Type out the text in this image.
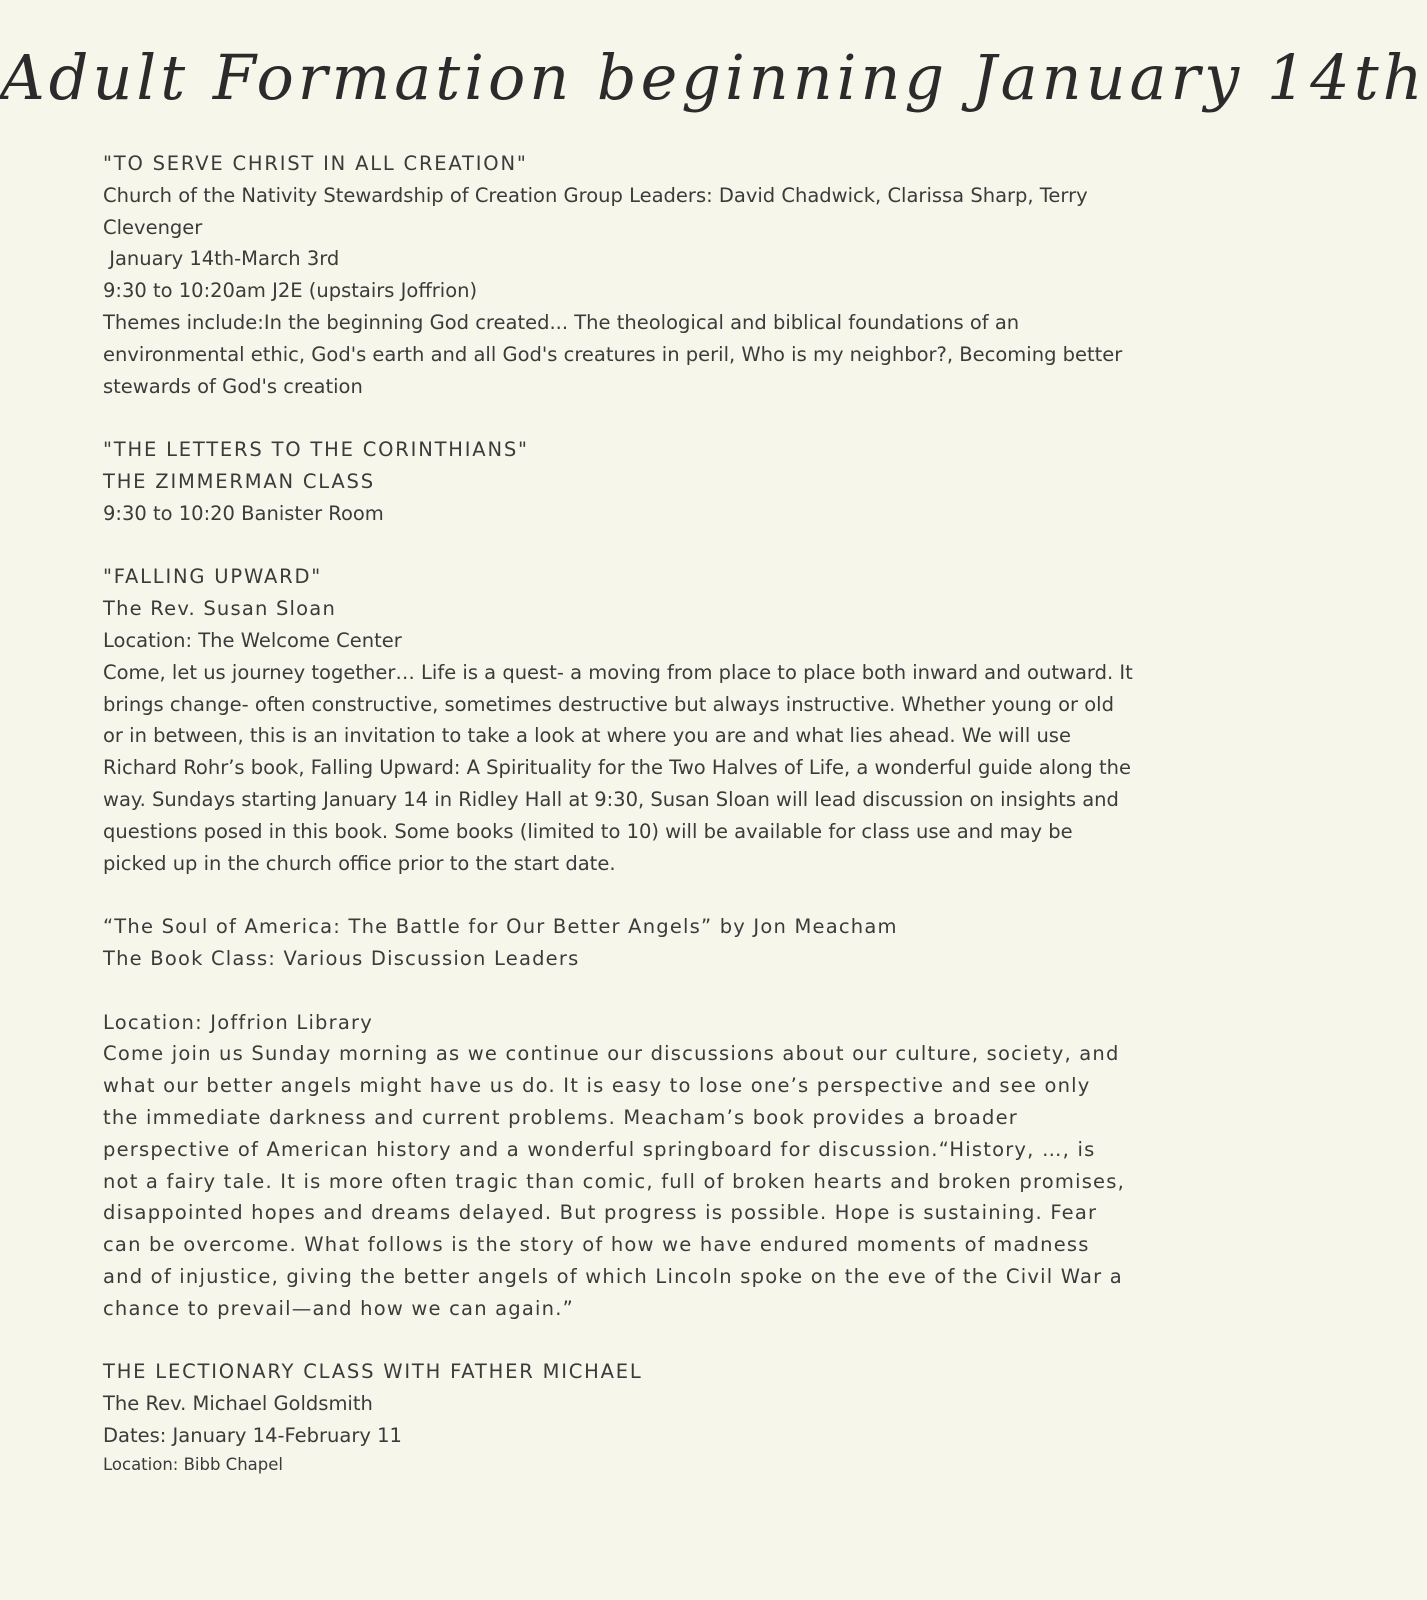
Adult Formation beginning January 14th
"TO SERVE CHRIST IN ALL CREATION"
Church of the Nativity Stewardship of Creation Group Leaders: David Chadwick, Clarissa Sharp, Terry Clevenger
January 14th-March 3rd
9:30 to 10:20am J2E (upstairs Joffrion)
Themes include:In the beginning God created... The theological and biblical foundations of an environmental ethic, God's earth and all God's creatures in peril, Who is my neighbor?, Becoming better stewards of God's creation
"THE LETTERS TO THE CORINTHIANS"
THE ZIMMERMAN CLASS
9:30 to 10:20 Banister Room
"FALLING UPWARD"
The Rev. Susan Sloan
Location: The Welcome Center
Come, let us journey together… Life is a quest- a moving from place to place both inward and outward. It brings change- often constructive, sometimes destructive but always instructive. Whether young or old or in between, this is an invitation to take a look at where you are and what lies ahead. We will use Richard Rohr’s book, Falling Upward: A Spirituality for the Two Halves of Life, a wonderful guide along the way. Sundays starting January 14 in Ridley Hall at 9:30, Susan Sloan will lead discussion on insights and questions posed in this book. Some books (limited to 10) will be available for class use and may be picked up in the church office prior to the start date.
“The Soul of America: The Battle for Our Better Angels” by Jon Meacham
The Book Class: Various Discussion Leaders
Location: Joffrion Library
Come join us Sunday morning as we continue our discussions about our culture, society, and what our better angels might have us do. It is easy to lose one’s perspective and see only the immediate darkness and current problems. Meacham’s book provides a broader perspective of American history and a wonderful springboard for discussion.“History, …, is not a fairy tale. It is more often tragic than comic, full of broken hearts and broken promises, disappointed hopes and dreams delayed. But progress is possible. Hope is sustaining. Fear can be overcome. What follows is the story of how we have endured moments of madness and of injustice, giving the better angels of which Lincoln spoke on the eve of the Civil War a chance to prevail—and how we can again.”
THE LECTIONARY CLASS WITH FATHER MICHAEL
The Rev. Michael Goldsmith
Dates: January 14-February 11
Location: Bibb Chapel
